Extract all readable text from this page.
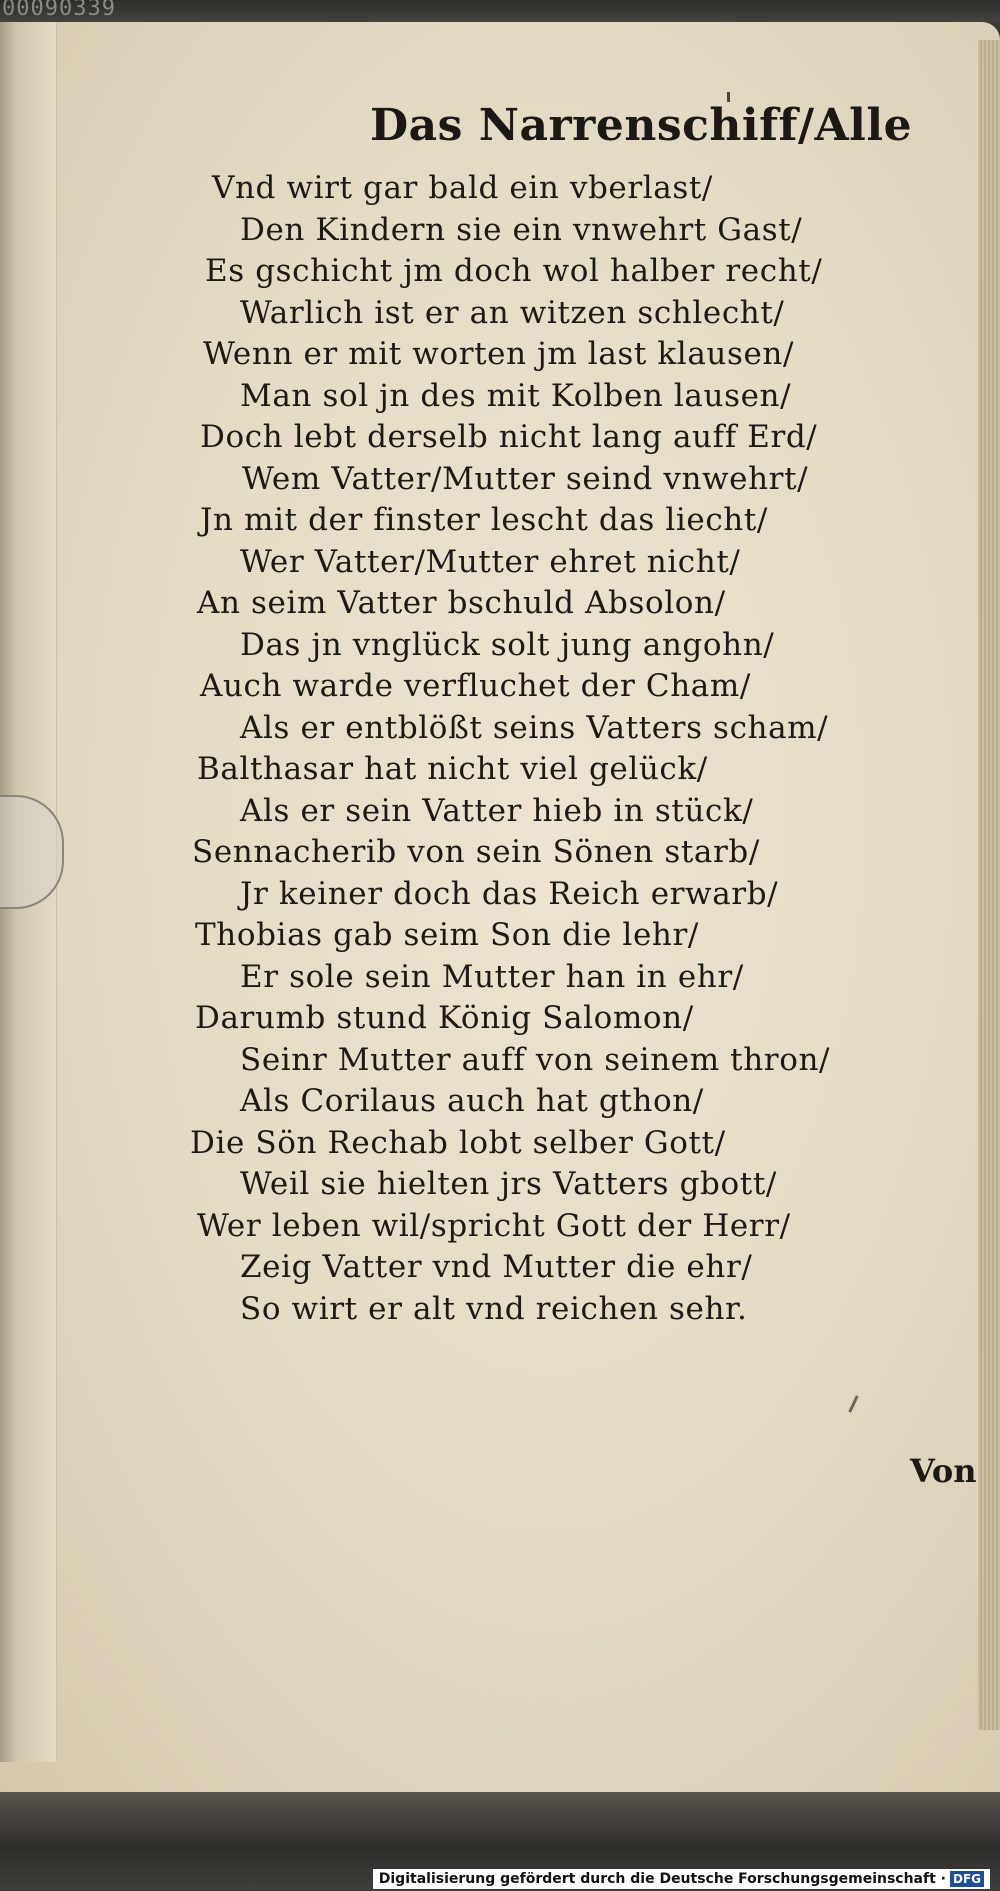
00090339
Das Narrenschiff/Alle
Vnd wirt gar bald ein vberlast/
Den Kindern sie ein vnwehrt Gast/
Es gschicht jm doch wol halber recht/
Warlich ist er an witzen schlecht/
Wenn er mit worten jm last klausen/
Man sol jn des mit Kolben lausen/
Doch lebt derselb nicht lang auff Erd/
Wem Vatter/Mutter seind vnwehrt/
Jn mit der finster lescht das liecht/
Wer Vatter/Mutter ehret nicht/
An seim Vatter bschuld Absolon/
Das jn vnglück solt jung angohn/
Auch warde verfluchet der Cham/
Als er entblößt seins Vatters scham/
Balthasar hat nicht viel gelück/
Als er sein Vatter hieb in stück/
Sennacherib von sein Sönen starb/
Jr keiner doch das Reich erwarb/
Thobias gab seim Son die lehr/
Er sole sein Mutter han in ehr/
Darumb stund König Salomon/
Seinr Mutter auff von seinem thron/
Als Corilaus auch hat gthon/
Die Sön Rechab lobt selber Gott/
Weil sie hielten jrs Vatters gbott/
Wer leben wil/spricht Gott der Herr/
Zeig Vatter vnd Mutter die ehr/
So wirt er alt vnd reichen sehr.
Von
Digitalisierung gefördert durch die Deutsche Forschungsgemeinschaft · DFG
